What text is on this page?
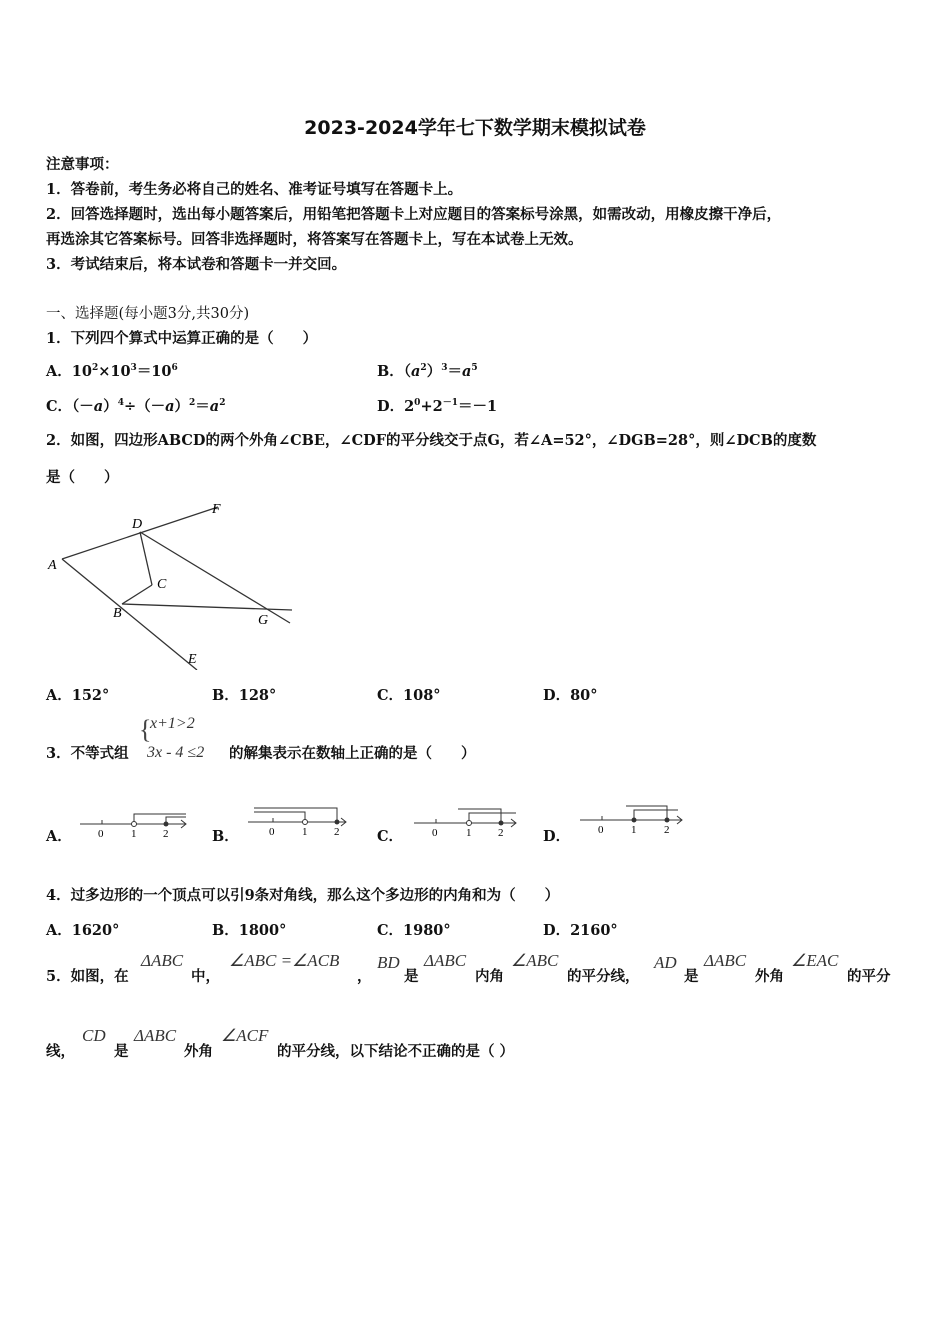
2023-2024学年七下数学期末模拟试卷
注意事项：
1．答卷前，考生务必将自己的姓名、准考证号填写在答题卡上。
2．回答选择题时，选出每小题答案后，用铅笔把答题卡上对应题目的答案标号涂黑，如需改动，用橡皮擦干净后，
再选涂其它答案标号。回答非选择题时，将答案写在答题卡上，写在本试卷上无效。
3．考试结束后，将本试卷和答题卡一并交回。
一、选择题(每小题3分,共30分)
1．下列四个算式中运算正确的是（　　）
A．$10^2\times 10^3=10^6$	B．$(a^2)^3=a^5$
C．$(-a)^4\div(-a)^2=a^2$	D．$2^0+2^{-1}=-1$
2．如图，四边形ABCD的两个外角∠CBE，∠CDF的平分线交于点G，若∠A=52°，∠DGB=28°，则∠DCB的度数
是（　　）
A
D
F
C
B	G
E
A．152°	B．128°	C．108°	D．80°
3．不等式组
{
x+1>2
3x - 4 ≤2 的解集表示在数轴上正确的是（　　）
A． 0	1 2	B．	0	1 2	C．	0	1 2	D．	0	1	2
4．过多边形的一个顶点可以引9条对角线，那么这个多边形的内角和为（　　）
A．1620°	B．1800°	C．1980°	D．2160°
5．如图，在
ΔABC
中，
∠ABC =∠ACB
，
BD
是
ΔABC
内角
∠ABC
的平分线，
AD
是
ΔABC
外角
∠EAC
的平分
线，
CD
是
ΔABC
外角
∠ACF
的平分线，以下结论不正确的是（ ）
